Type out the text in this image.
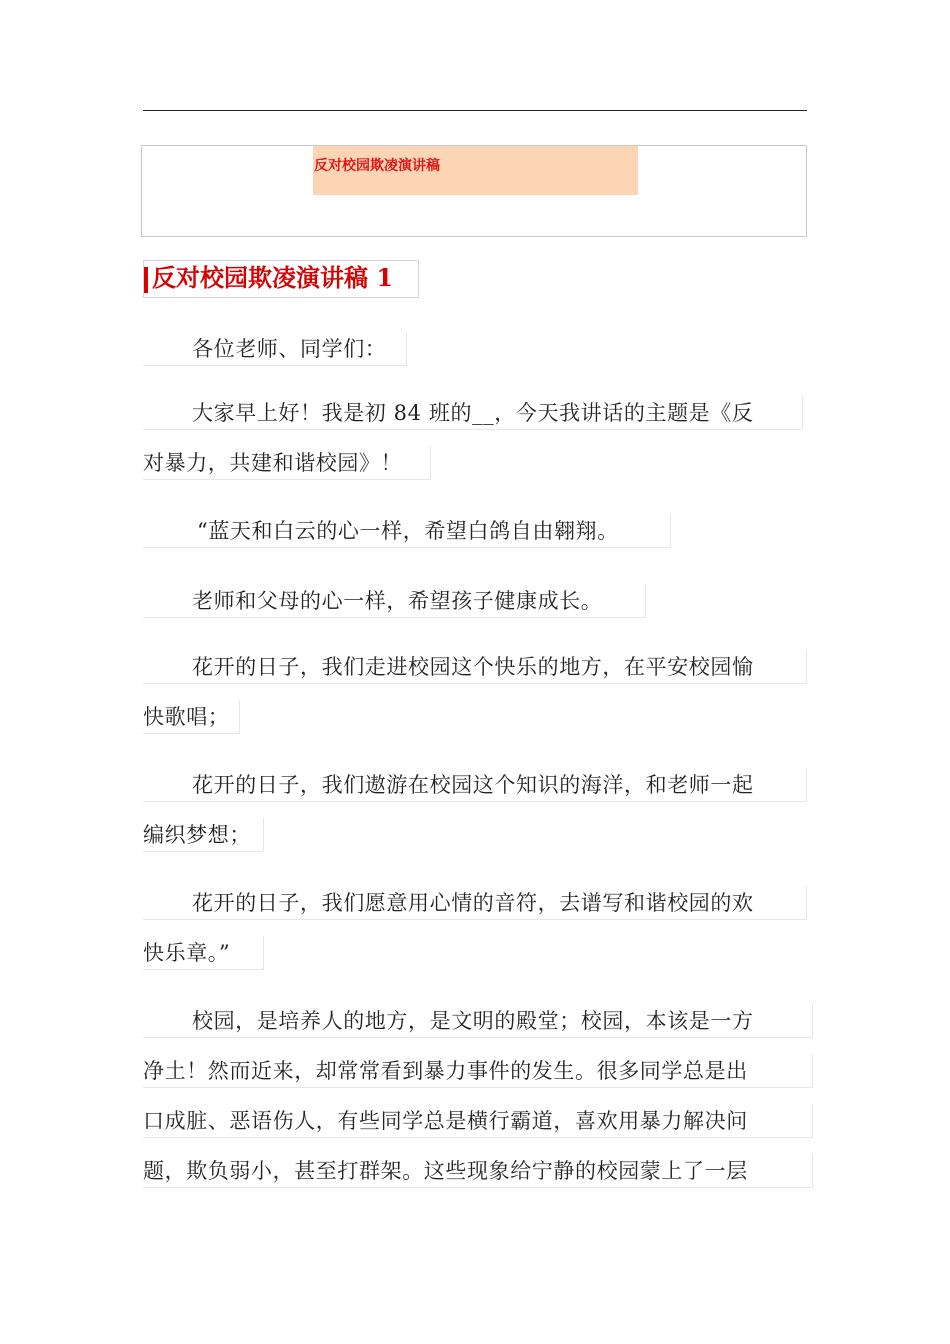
反对校园欺凌演讲稿
反对校园欺凌演讲稿 1
各位老师、同学们：
大家早上好！我是初 84 班的__，今天我讲话的主题是《反
对暴力，共建和谐校园》！
“蓝天和白云的心一样，希望白鸽自由翱翔。
老师和父母的心一样，希望孩子健康成长。
花开的日子，我们走进校园这个快乐的地方，在平安校园愉
快歌唱；
花开的日子，我们遨游在校园这个知识的海洋，和老师一起
编织梦想；
花开的日子，我们愿意用心情的音符，去谱写和谐校园的欢
快乐章。”
校园，是培养人的地方，是文明的殿堂；校园，本该是一方
净土！然而近来，却常常看到暴力事件的发生。很多同学总是出
口成脏、恶语伤人，有些同学总是横行霸道，喜欢用暴力解决问
题，欺负弱小，甚至打群架。这些现象给宁静的校园蒙上了一层
